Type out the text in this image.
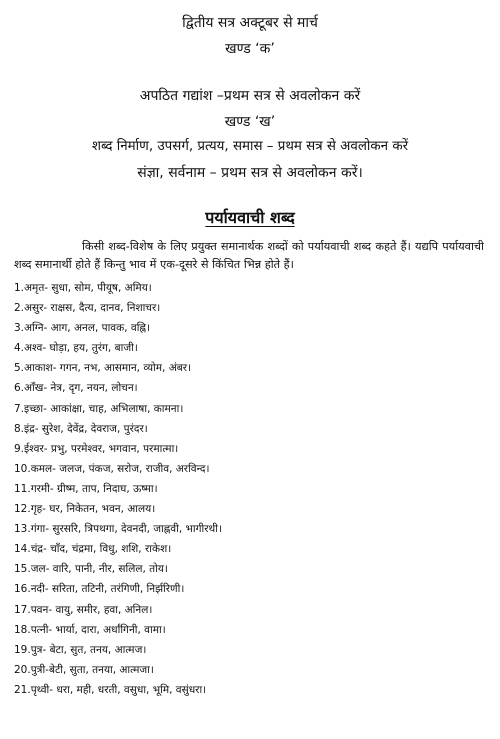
द्वितीय सत्र अक्टूबर से मार्च
खण्ड ‘क’
अपठित गद्यांश –प्रथम सत्र से अवलोकन करें
खण्ड ‘ख’
शब्द निर्माण, उपसर्ग, प्रत्यय, समास – प्रथम सत्र से अवलोकन करें
संज्ञा, सर्वनाम – प्रथम सत्र से अवलोकन करें।
पर्यायवाची शब्द

किसी शब्द-विशेष के लिए प्रयुक्त समानार्थक शब्दों को पर्यायवाची शब्द कहते हैं। यद्यपि पर्यायवाची शब्द समानार्थी होते हैं किन्तु भाव में एक-दूसरे से किंचित भिन्न होते हैं।

1.अमृत- सुधा, सोम, पीयूष, अमिय।
2.असुर- राक्षस, दैत्य, दानव, निशाचर।
3.अग्नि- आग, अनल, पावक, वह्नि।
4.अश्व- घोड़ा, हय, तुरंग, बाजी।
5.आकाश- गगन, नभ, आसमान, व्योम, अंबर।
6.आँख- नेत्र, दृग, नयन, लोचन।
7.इच्छा- आकांक्षा, चाह, अभिलाषा, कामना।
8.इंद्र- सुरेश, देवेंद्र, देवराज, पुरंदर।
9.ईश्वर- प्रभु, परमेश्वर, भगवान, परमात्मा।
10.कमल- जलज, पंकज, सरोज, राजीव, अरविन्द।
11.गरमी- ग्रीष्म, ताप, निदाघ, ऊष्मा।
12.गृह- घर, निकेतन, भवन, आलय।
13.गंगा- सुरसरि, त्रिपथगा, देवनदी, जाह्नवी, भागीरथी।
14.चंद्र- चाँद, चंद्रमा, विधु, शशि, राकेश।
15.जल- वारि, पानी, नीर, सलिल, तोय।
16.नदी- सरिता, तटिनी, तरंगिणी, निर्झरिणी।
17.पवन- वायु, समीर, हवा, अनिल।
18.पत्नी- भार्या, दारा, अर्धांगिनी, वामा।
19.पुत्र- बेटा, सुत, तनय, आत्मज।
20.पुत्री-बेटी, सुता, तनया, आत्मजा।
21.पृथ्वी- धरा, मही, धरती, वसुधा, भूमि, वसुंधरा।
